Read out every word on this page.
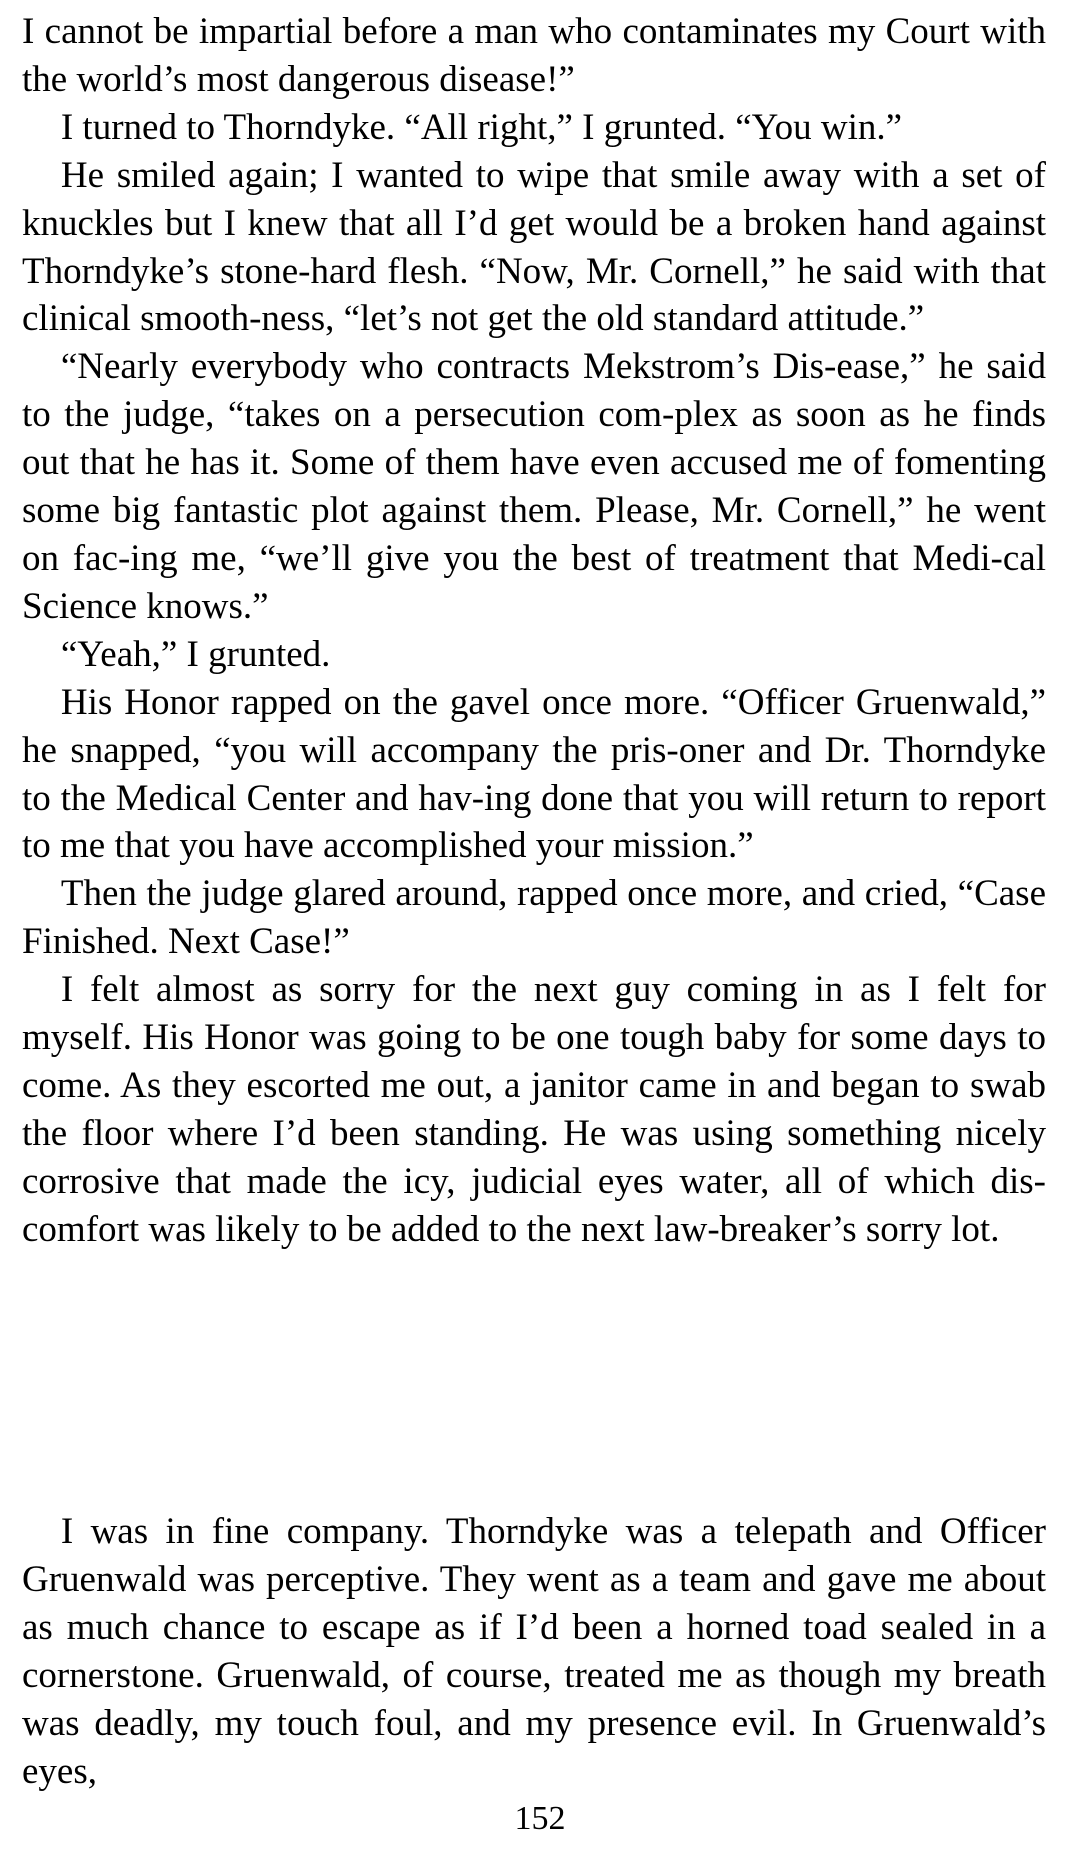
I cannot be impartial before a man who contaminates my Court with the world’s most dangerous disease!”

I turned to Thorndyke. “All right,” I grunted. “You win.”

He smiled again; I wanted to wipe that smile away with a set of knuckles but I knew that all I’d get would be a broken hand against Thorndyke’s stone-hard flesh. “Now, Mr. Cornell,” he said with that clinical smooth-ness, “let’s not get the old standard attitude.”

“Nearly everybody who contracts Mekstrom’s Dis-ease,” he said to the judge, “takes on a persecution com-plex as soon as he finds out that he has it. Some of them have even accused me of fomenting some big fantastic plot against them. Please, Mr. Cornell,” he went on fac-ing me, “we’ll give you the best of treatment that Medi-cal Science knows.”

“Yeah,” I grunted.

His Honor rapped on the gavel once more. “Officer Gruenwald,” he snapped, “you will accompany the pris-oner and Dr. Thorndyke to the Medical Center and hav-ing done that you will return to report to me that you have accomplished your mission.”

Then the judge glared around, rapped once more, and cried, “Case Finished. Next Case!”

I felt almost as sorry for the next guy coming in as I felt for myself. His Honor was going to be one tough baby for some days to come. As they escorted me out, a janitor came in and began to swab the floor where I’d been standing. He was using something nicely corrosive that made the icy, judicial eyes water, all of which dis-comfort was likely to be added to the next law-breaker’s sorry lot.

I was in fine company. Thorndyke was a telepath and Officer Gruenwald was perceptive. They went as a team and gave me about as much chance to escape as if I’d been a horned toad sealed in a cornerstone. Gruenwald, of course, treated me as though my breath was deadly, my touch foul, and my presence evil. In Gruenwald’s eyes,

152
